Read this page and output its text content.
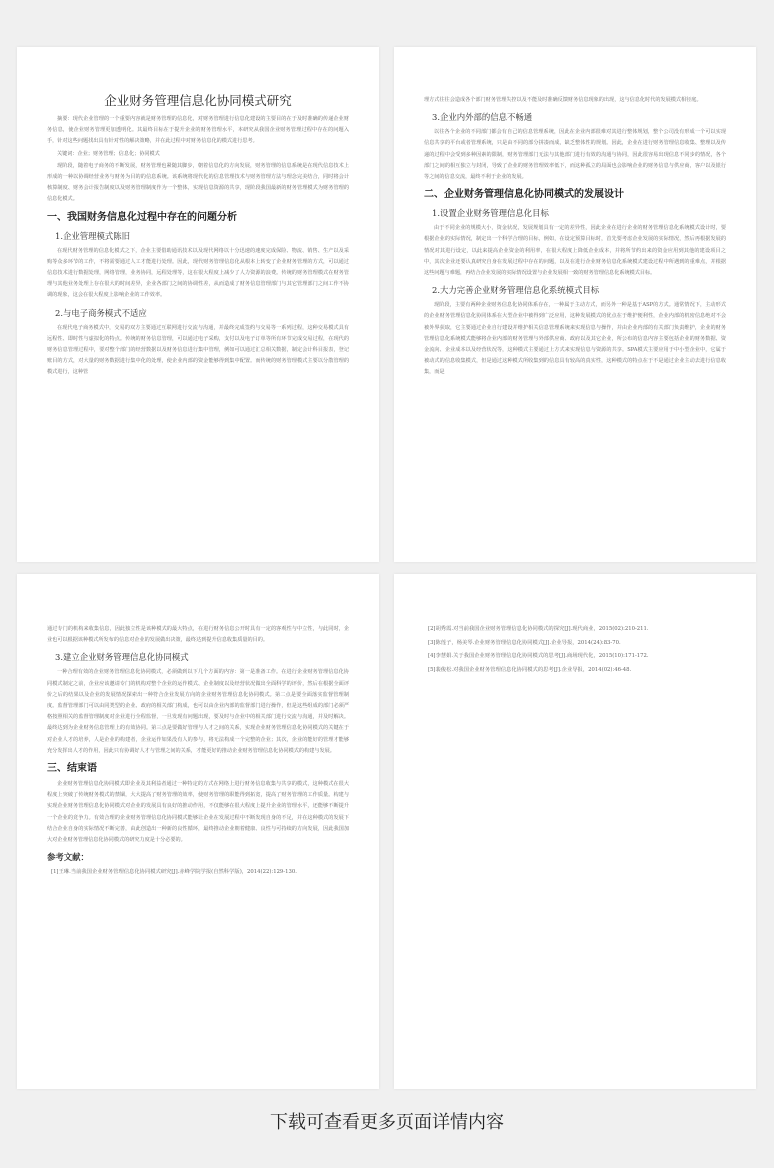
企业财务管理信息化协同模式研究

摘要：现代企业管理的一个重要内容就是财务管理的信息化，对财务管理进行信息化建设的主要目的在于及时准确的传递企业财务信息，使企业财务管理更加透明化。其最终目标在于提升企业的财务管理水平，本研究从我国企业财务管理过程中存在的问题入手，针对这些问题找出具有针对性的解决策略，并在此过程中对财务信息化的模式进行思考。

关键词：企业；财务管理；信息化；协同模式

现阶段，随着电子商务的不断发展，财务管理也紧随其脚步，朝着信息化的方向发展，财务管理的信息系统是在现代信息技术上形成的一种以协调经营业务与财务为目的的信息系统。该系统将现代化的信息管理技术与财务管理方法与理念完美结合，同时将会计核算制度、财务会计报告制度以及财务管理制度作为一个整体，实现信息资源的共享，现阶段我国最新的财务管理模式为财务管理的信息化模式。

一、我国财务信息化过程中存在的问题分析
1.企业管理模式陈旧

在现代财务管理的信息化模式之下，企业主要借助通讯技术以及现代网络以十分迅速的速度完成保险、物流、销售、生产以及采购等众多环节的工作，不将需要通过人工才能进行处理。因此，现代财务管理信息化从根本上转变了企业财务管理的方式，可以通过信息技术进行数据处理，网络管理，业务协同，远程处理等，这在很大程度上减少了人力资源的浪费。传统的财务管理模式在财务管理与其他业务处理上存在很大的时间差异，企业各部门之间的协调性差，从而造成了财务信息管理部门与其它管理部门之间工作不协调的现象，这会在很大程度上影响企业的工作效率。

2.与电子商务模式不适应

在现代电子商务模式中，交易的双方主要通过互联网进行交流与沟通，并最终完成签约与交易等一系列过程，这种交易模式具有远程性、即时性与虚拟化的特点。传统的财务信息管理，可以通过电子采购，支付以及电子订单等所有环节完成交易过程，在现代的财务信息管理过程中，要对整个部门的经营数据以及财务信息进行集中管理，例如可以通过汇总相关数据，制定会计科目报表，登记账目的方式，对大量的财务数据进行集中化的处理，使企业内部的资金能够得到集中配置。而传统的财务管理模式主要以分散管理的模式进行，这种管

理方式往往会造成各个部门财务管理失控以及不能及时准确反馈财务信息现象的出现，这与信息化时代的发展模式相径庭。

3.企业内外部的信息不畅通

以往各个企业的不同部门都会有自己的信息管理系统，因此在企业内部很难对其进行整体规划，整个公司没有形成一个可以实现信息共享的平台或者管理系统，只是由不同的部分拼凑而成，缺乏整体性的规划。因此，企业在进行财务管理信息收集、整理以及传递的过程中会受到多种因素的限制，财务管理部门无法与其他部门进行有效的沟通与协同，因此很容易出现信息不同步的情况，各个部门之间的相互独立与封闭，导致了企业的财务管理效率低下，而这种孤立的局面也会影响企业的财务信息与供应商，客户以及银行等之间的信息交流，最终不利于企业的发展。

二、企业财务管理信息化协同模式的发展设计
1.设置企业财务管理信息化目标

由于不同企业的规模大小，资金状况，发展规划具有一定的差异性，因此企业在进行企业的财务管理信息化系统模式设计时，要根据企业的实际情况，制定出一个科学合理的目标，例如，在设定预算目标时，首先要考虑企业发展的实际情况，然后再根据发展的情况对其进行设定，以此来提高企业资金的利用率，在很大程度上降低企业成本，并将所节约出来的资金应用到其他的建设项目之中，其次企业还要认真研究自身在发展过程中存在的问题，以及在进行企业财务信息化系统模式建设过程中所遇到的重难点，并根据这些问题与难题，再结合企业发展的实际情况设置与企业发展相一致的财务管理信息化系统模式目标。

2.大力完善企业财务管理信息化系统模式目标

现阶段，主要有两种企业财务信息化协同体系存在，一种属于主动方式，而另外一种是基于ASP的方式。通常情况下，主动形式的企业财务管理信息化协同体系在大型企业中被得到广泛应用，这种发展模式的优点在于维护便利性，企业内部的机密信息绝对不会被外界获取，它主要通过企业自行建设并维护相关信息管理系统来实现信息与操作，并由企业内部的有关部门负责维护，企业的财务管理信息化系统模式能够将企业内部的财务管理与外部供应商、政府以及其它企业，所公布的信息内容主要包括企业的财务数据、资金流向、企业成本以及经营状况等，这种模式主要通过上方式来实现信息与资源的共享。SPA模式主要应用于中小型企业中，它属于被动式的信息收集模式，但是通过这种模式所收集到的信息具有较高的真实性，这种模式的特点在于不是通过企业主动去进行信息收集，而是

通过专门的机构来收集信息，因此独立性是该种模式的最大特点，在进行财务信息公开时具有一定的客观性与中立性，与此同时，企业也可以根据该种模式所发布的信息对企业的发展做出决策，最终达到提升信息收集质量的目的。

3.建立企业财务管理信息化协同模式

一种合理有效的企业财务管理信息化协同模式，必须做到以下几个方面的内容：第一是准备工作。在进行企业财务管理信息化协同模式制定之前，企业应该邀请专门的机构对整个企业的运作模式、企业制度以及经营状况做出全面科学的评价，然后在根据全面评价之后的结果以及企业的发展情况探索出一种符合企业发展方向的企业财务管理信息化协同模式。第二点是要全面落实监督管理制度。监督管理部门可以由同类型的企业、政府的相关部门构成，也可以由企业内部的监督部门进行操作，但是这些组成的部门必须严格按照相关的监督管理制度对企业进行全程监督，一旦发现有问题出现，要及时与企业中的相关部门进行交流与沟通，并及时解决。最终达到为企业财务信息管理上的有效协同。第三点是要做好管理与人才之间的关系，实现企业财务管理信息化协同模式的关键在于对企业人才的培养，人是企业的构建者，企业运作如果没有人的参与，将无法构成一个完整的企业；其次，企业的能好的管理才能够充分发挥出人才的作用，因此只有协调好人才与管理之间的关系，才能更好的推动企业财务管理信息化协同模式的构建与发展。

三、结束语

企业财务管理信息化协同模式即企业及其利益者通过一种特定的方式在网络上进行财务信息收集与共享的模式，这种模式在很大程度上突破了传统财务模式的禁锢，大大提高了财务管理的效率，使财务管理的职能得到拓宽，提高了财务管理的工作质量。构建与实现企业财务管理信息化协同模式对企业的发展具有良好的推动作用，不仅能够在很大程度上提升企业的管理水平，还能够不断提升一个企业的竞争力。有效合理的企业财务管理信息化协同模式能够让企业在发展过程中不断发现自身的不足，并在这种模式的发展下结合企业自身的实际情况不断完善，由此创造出一种新的良性循环，最终推动企业朝着健康、良性与可持续的方向发展，因此我国加大对企业财务管理信息化协同模式的研究力度是十分必要的。

参考文献：

[1]王琳.当前我国企业财务管理信息化协同模式研究[J].赤峰学院学报(自然科学版)，2014(22):129-130.

[2]胡秀霞.对当前我国企业财务管理信息化协同模式的探究[J].现代商业，2015(02):210-211.

[3]陈莲子，杨美琴.企业财务管理信息化协同模式[J].企业导报，2014(24):83-70.

[4]李慧娟.关于我国企业财务管理信息化协同模式的思考[J].商场现代化，2015(10):171-172.

[5]裴俊松.对我国企业财务管理信息化协同模式的思考[J].企业导报，2014(02):46-48.

下载可查看更多页面详情内容
